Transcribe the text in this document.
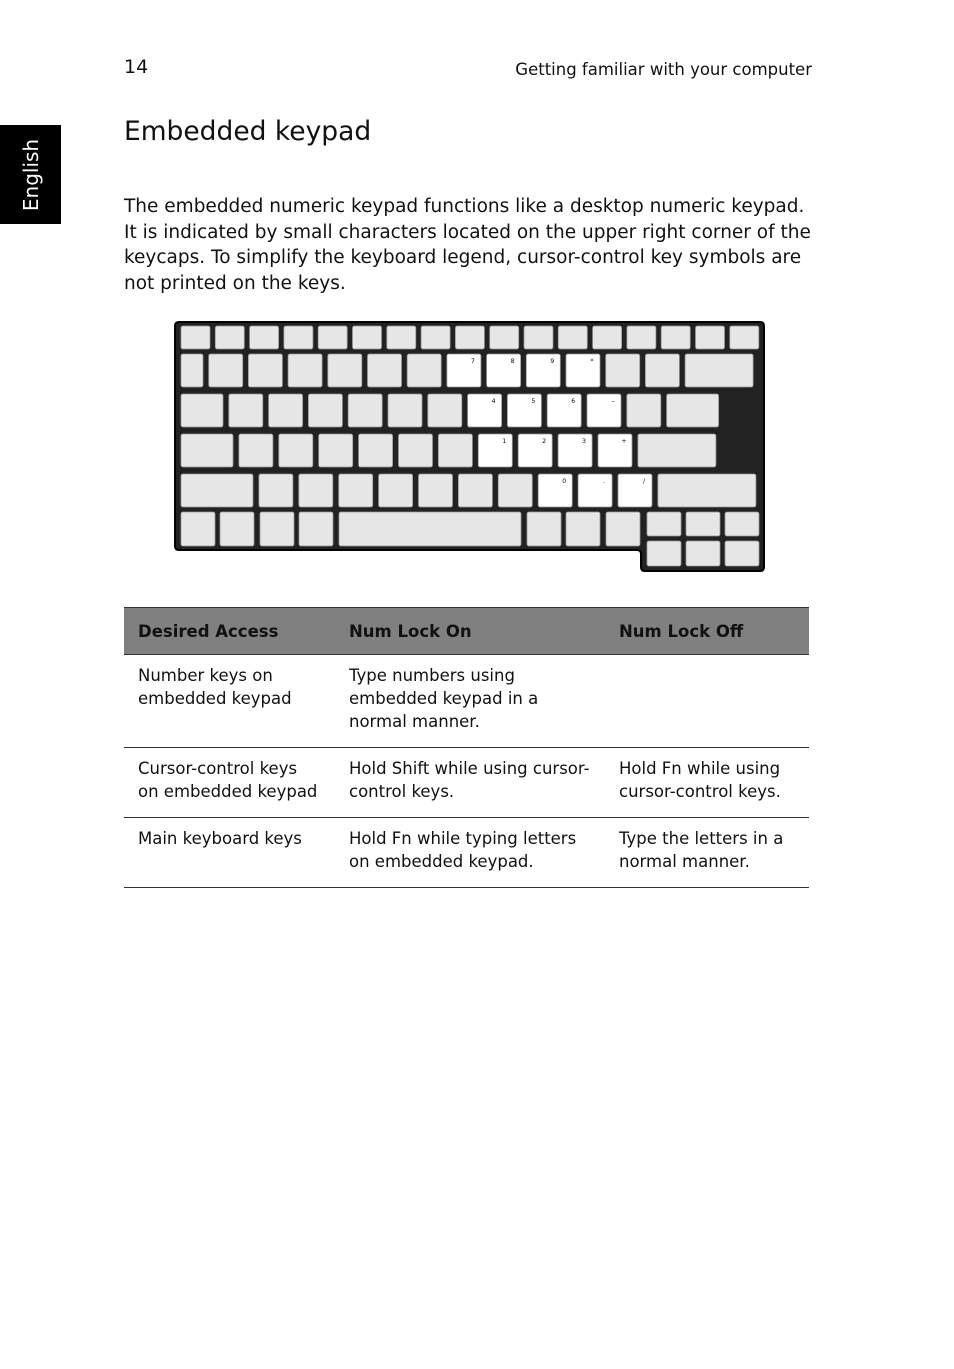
14	Getting familiar with your computer
English
Embedded keypad

The embedded numeric keypad functions like a desktop numeric keypad. It is indicated by small characters located on the upper right corner of the keycaps. To simplify the keyboard legend, cursor-control key symbols are not printed on the keys.

7	8	9	*
4	5	6	–
1	2	3	+
0	.	/
Desired Access	Num Lock On	Num Lock Off
Number keys on embedded keypad	Type numbers using embedded keypad in a normal manner.	
Cursor-control keys on embedded keypad	Hold Shift while using cursor-control keys.	Hold Fn while using cursor-control keys.
Main keyboard keys	Hold Fn while typing letters on embedded keypad.	Type the letters in a normal manner.
